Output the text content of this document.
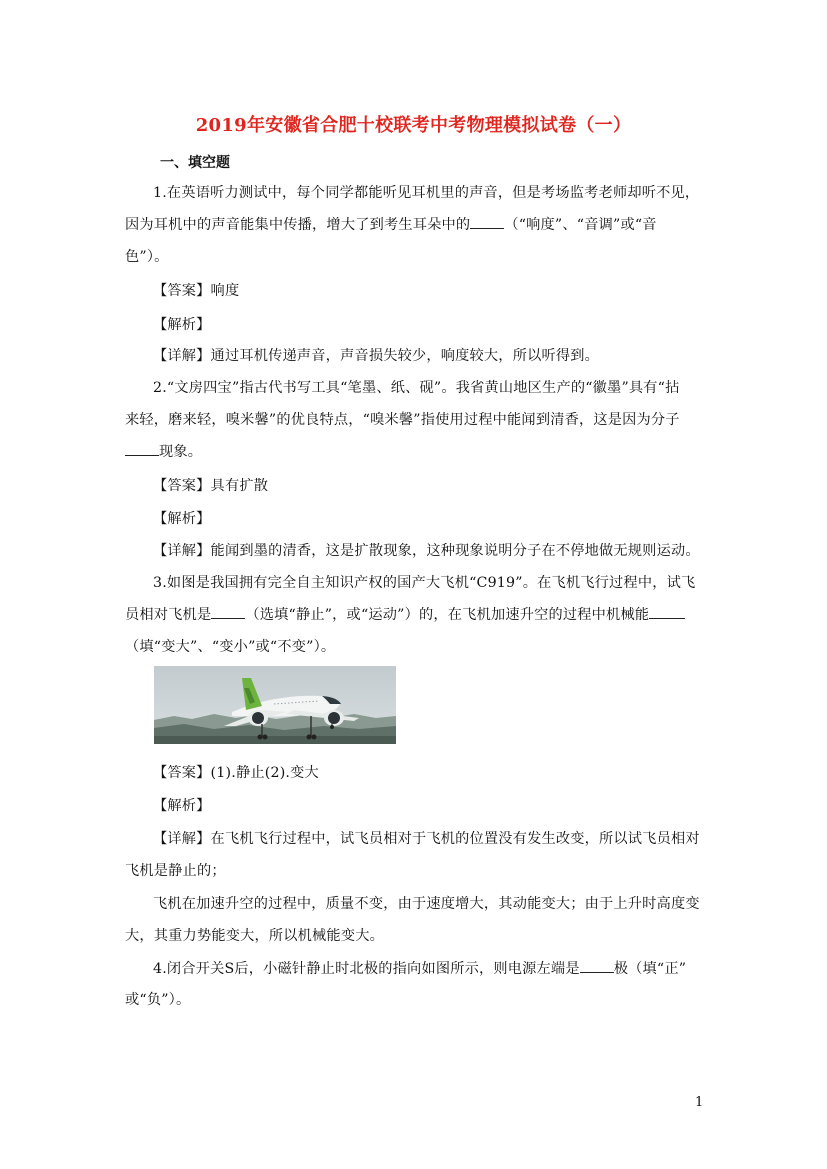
2019年安徽省合肥十校联考中考物理模拟试卷（一）
一、填空题
1.在英语听力测试中，每个同学都能听见耳机里的声音，但是考场监考老师却听不见，
因为耳机中的声音能集中传播，增大了到考生耳朵中的 （“响度”、“音调”或“音
色”）。
【答案】响度
【解析】
【详解】通过耳机传递声音，声音损失较少，响度较大，所以听得到。
2.“文房四宝”指古代书写工具“笔墨、纸、砚”。我省黄山地区生产的“徽墨”具有“拈
来轻，磨来轻，嗅米馨”的优良特点，“嗅米馨”指使用过程中能闻到清香，这是因为分子
现象。
【答案】具有扩散
【解析】
【详解】能闻到墨的清香，这是扩散现象，这种现象说明分子在不停地做无规则运动。
3.如图是我国拥有完全自主知识产权的国产大飞机“C919”。在飞机飞行过程中，试飞
员相对飞机是 （选填“静止”，或“运动”）的，在飞机加速升空的过程中机械能
（填“变大”、“变小”或“不变”）。
【答案】(1).静止(2).变大
【解析】
【详解】在飞机飞行过程中，试飞员相对于飞机的位置没有发生改变，所以试飞员相对
飞机是静止的；
飞机在加速升空的过程中，质量不变，由于速度增大，其动能变大；由于上升时高度变
大，其重力势能变大，所以机械能变大。
4.闭合开关S后，小磁针静止时北极的指向如图所示，则电源左端是 极（填“正”
或“负”）。
1
